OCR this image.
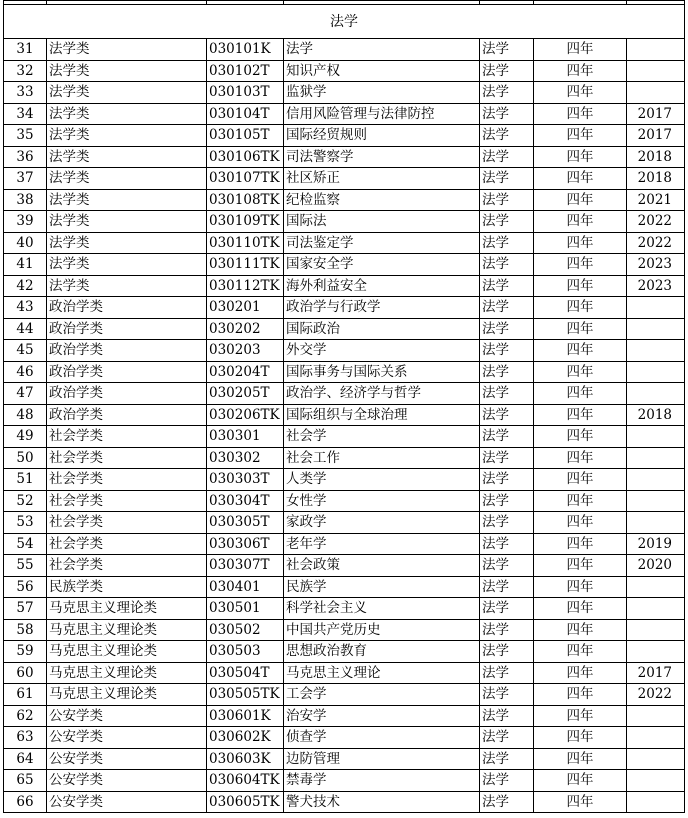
法学						
31	法学类	030101K	法学	法学	四年	
32	法学类	030102T	知识产权	法学	四年	
33	法学类	030103T	监狱学	法学	四年	
34	法学类	030104T	信用风险管理与法律防控	法学	四年	2017
35	法学类	030105T	国际经贸规则	法学	四年	2017
36	法学类	030106TK	司法警察学	法学	四年	2018
37	法学类	030107TK	社区矫正	法学	四年	2018
38	法学类	030108TK	纪检监察	法学	四年	2021
39	法学类	030109TK	国际法	法学	四年	2022
40	法学类	030110TK	司法鉴定学	法学	四年	2022
41	法学类	030111TK	国家安全学	法学	四年	2023
42	法学类	030112TK	海外利益安全	法学	四年	2023
43	政治学类	030201	政治学与行政学	法学	四年	
44	政治学类	030202	国际政治	法学	四年	
45	政治学类	030203	外交学	法学	四年	
46	政治学类	030204T	国际事务与国际关系	法学	四年	
47	政治学类	030205T	政治学、经济学与哲学	法学	四年	
48	政治学类	030206TK	国际组织与全球治理	法学	四年	2018
49	社会学类	030301	社会学	法学	四年	
50	社会学类	030302	社会工作	法学	四年	
51	社会学类	030303T	人类学	法学	四年	
52	社会学类	030304T	女性学	法学	四年	
53	社会学类	030305T	家政学	法学	四年	
54	社会学类	030306T	老年学	法学	四年	2019
55	社会学类	030307T	社会政策	法学	四年	2020
56	民族学类	030401	民族学	法学	四年	
57	马克思主义理论类	030501	科学社会主义	法学	四年	
58	马克思主义理论类	030502	中国共产党历史	法学	四年	
59	马克思主义理论类	030503	思想政治教育	法学	四年	
60	马克思主义理论类	030504T	马克思主义理论	法学	四年	2017
61	马克思主义理论类	030505TK	工会学	法学	四年	2022
62	公安学类	030601K	治安学	法学	四年	
63	公安学类	030602K	侦查学	法学	四年	
64	公安学类	030603K	边防管理	法学	四年	
65	公安学类	030604TK	禁毒学	法学	四年	
66	公安学类	030605TK	警犬技术	法学	四年	
